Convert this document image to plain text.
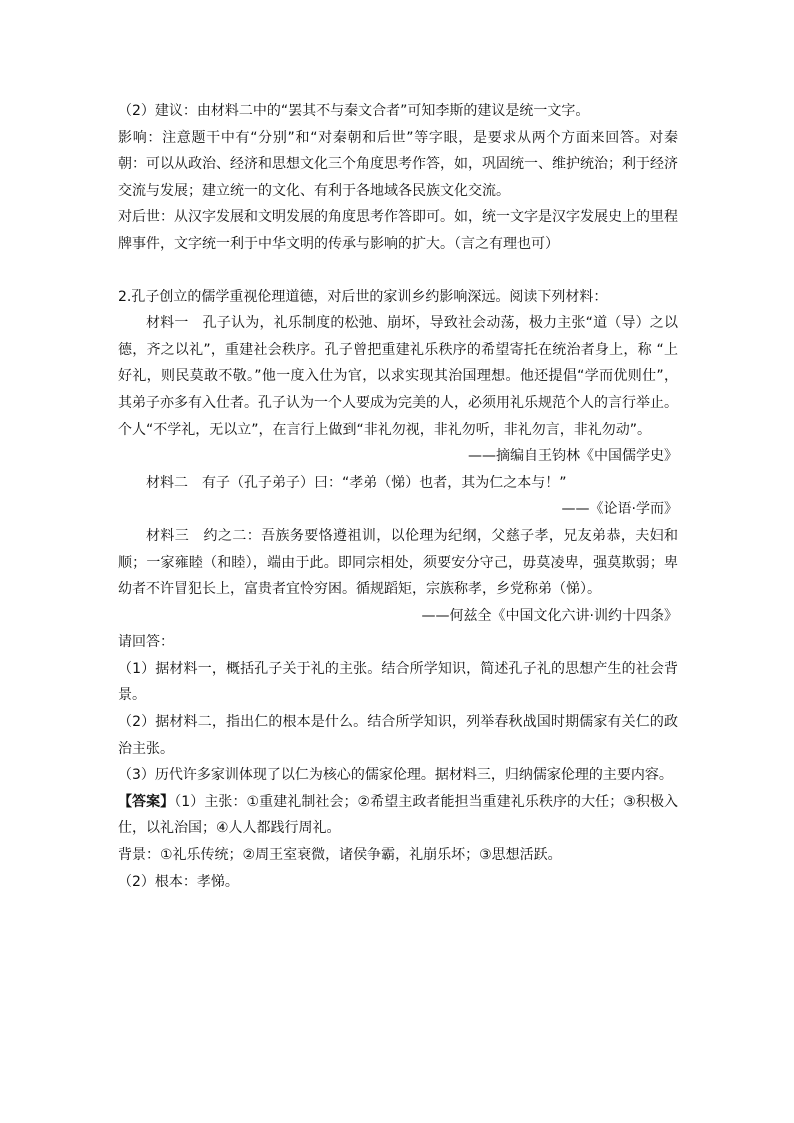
（2）建议：由材料二中的“罢其不与秦文合者”可知李斯的建议是统一文字。

影响：注意题干中有“分别”和“对秦朝和后世”等字眼，是要求从两个方面来回答。对秦朝：可以从政治、经济和思想文化三个角度思考作答，如，巩固统一、维护统治；利于经济交流与发展；建立统一的文化、有利于各地域各民族文化交流。

对后世：从汉字发展和文明发展的角度思考作答即可。如，统一文字是汉字发展史上的里程牌事件，文字统一利于中华文明的传承与影响的扩大。（言之有理也可）

2.孔子创立的儒学重视伦理道德，对后世的家训乡约影响深远。阅读下列材料：

材料一　孔子认为，礼乐制度的松弛、崩坏，导致社会动荡，极力主张“道（导）之以德，齐之以礼”，重建社会秩序。孔子曾把重建礼乐秩序的希望寄托在统治者身上，称 “上好礼，则民莫敢不敬。”他一度入仕为官，以求实现其治国理想。他还提倡“学而优则仕”，其弟子亦多有入仕者。孔子认为一个人要成为完美的人，必须用礼乐规范个人的言行举止。个人“不学礼，无以立”，在言行上做到“非礼勿视，非礼勿听，非礼勿言，非礼勿动”。

——摘编自王钧林《中国儒学史》

材料二　有子（孔子弟子）曰：“孝弟（悌）也者，其为仁之本与！”

——《论语·学而》

材料三　约之二：吾族务要恪遵祖训，以伦理为纪纲，父慈子孝，兄友弟恭，夫妇和顺；一家雍睦（和睦），端由于此。即同宗相处，须要安分守己，毋莫凌卑，强莫欺弱；卑幼者不许冒犯长上，富贵者宜怜穷困。循规蹈矩，宗族称孝，乡党称弟（悌）。

——何兹全《中国文化六讲·训约十四条》

请回答：

（1）据材料一，概括孔子关于礼的主张。结合所学知识，简述孔子礼的思想产生的社会背景。

（2）据材料二，指出仁的根本是什么。结合所学知识，列举春秋战国时期儒家有关仁的政治主张。

（3）历代许多家训体现了以仁为核心的儒家伦理。据材料三，归纳儒家伦理的主要内容。

【答案】（1）主张：①重建礼制社会；②希望主政者能担当重建礼乐秩序的大任；③积极入仕，以礼治国；④人人都践行周礼。

背景：①礼乐传统；②周王室衰微，诸侯争霸，礼崩乐坏；③思想活跃。

（2）根本：孝悌。
